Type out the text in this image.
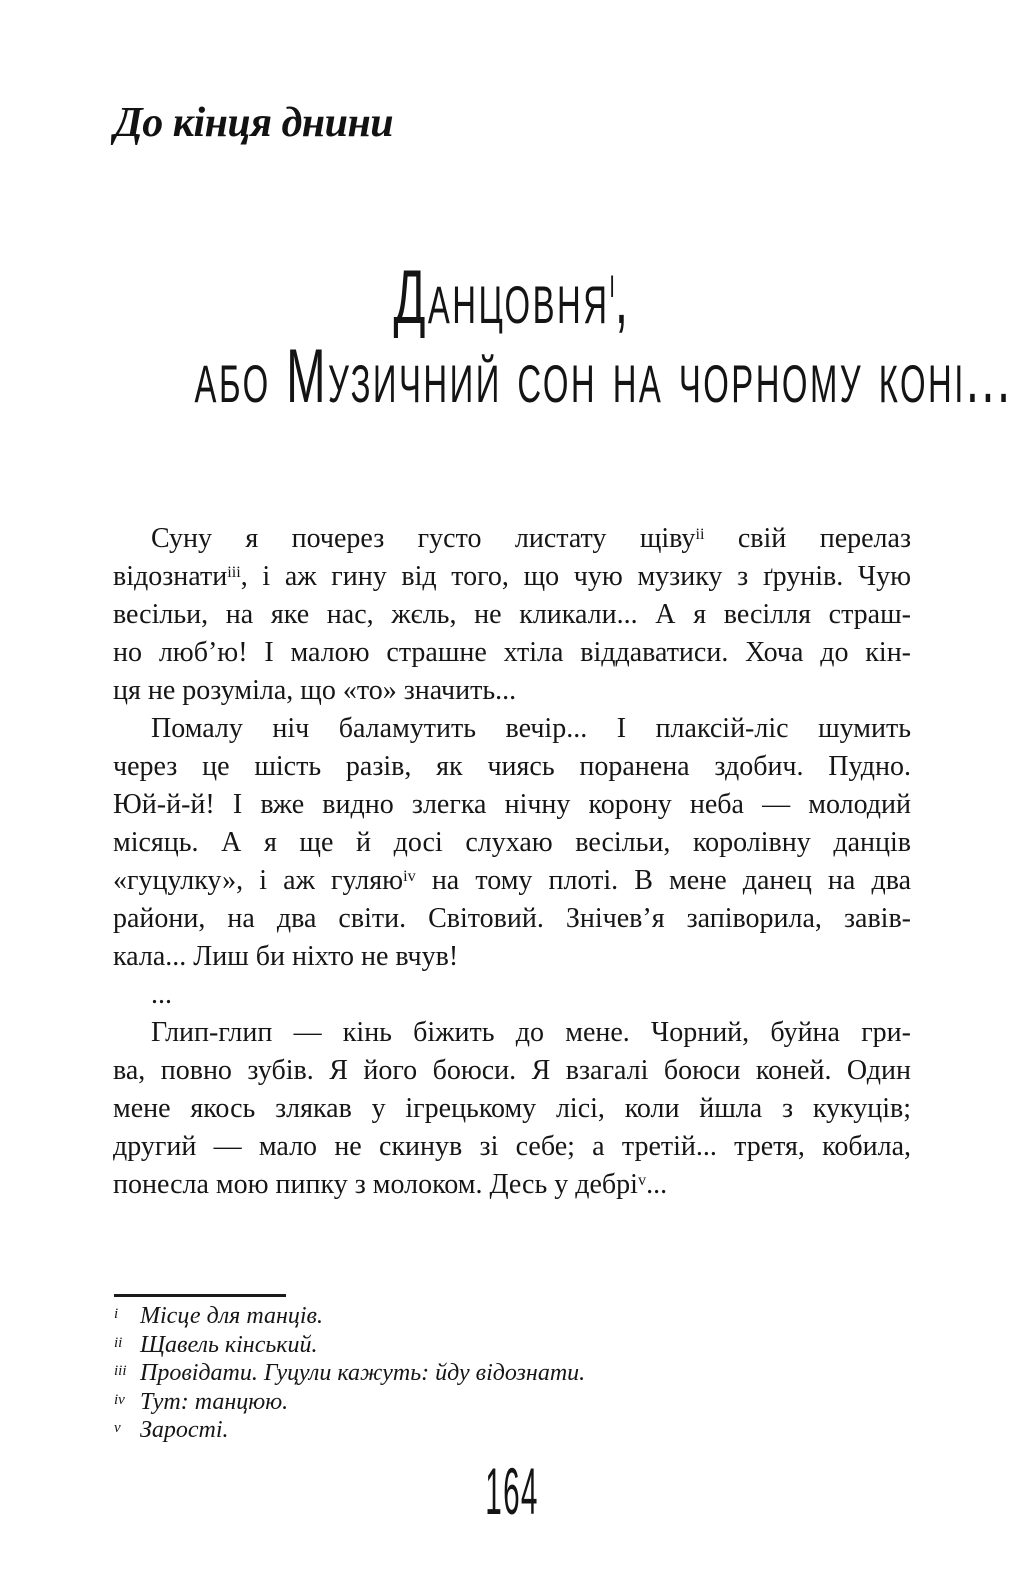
До кінця днини
Данцовня$^I$,
або Музичний сон на чорному коні...
Суну я почерез густо листату щіву$^{ii}$ свій перелаз
відознати$^{iii}$, і аж гину від того, що чую музику з ґрунів. Чую
весільи, на яке нас, жєль, не кликали... А я весілля страш-
но люб’ю! І малою страшне хтіла віддаватиси. Хоча до кін-
ця не розуміла, що «то» значить...
Помалу ніч баламутить вечір... І плаксій-ліс шумить
через це шість разів, як чиясь поранена здобич. Пудно.
Юй-й-й! І вже видно злегка нічну корону неба — молодий
місяць. А я ще й досі слухаю весільи, королівну данців
«гуцулку», і аж гуляю$^{iv}$ на тому плоті. В мене данец на два
райони, на два світи. Світовий. Знічев’я запіворила, завів-
кала... Лиш би ніхто не вчув!
...
Глип-глип — кінь біжить до мене. Чорний, буйна гри-
ва, повно зубів. Я його боюси. Я взагалі боюси коней. Один
мене якось злякав у ігрецькому лісі, коли йшла з кукуців;
другий — мало не скинув зі себе; а третій... третя, кобила,
понесла мою пипку з молоком. Десь у дебрі$^v$...
i Місце для танців.
ii Щавель кінський.
iii Провідати. Гуцули кажуть: йду відознати.
iv Тут: танцюю.
v Зарості.
164
